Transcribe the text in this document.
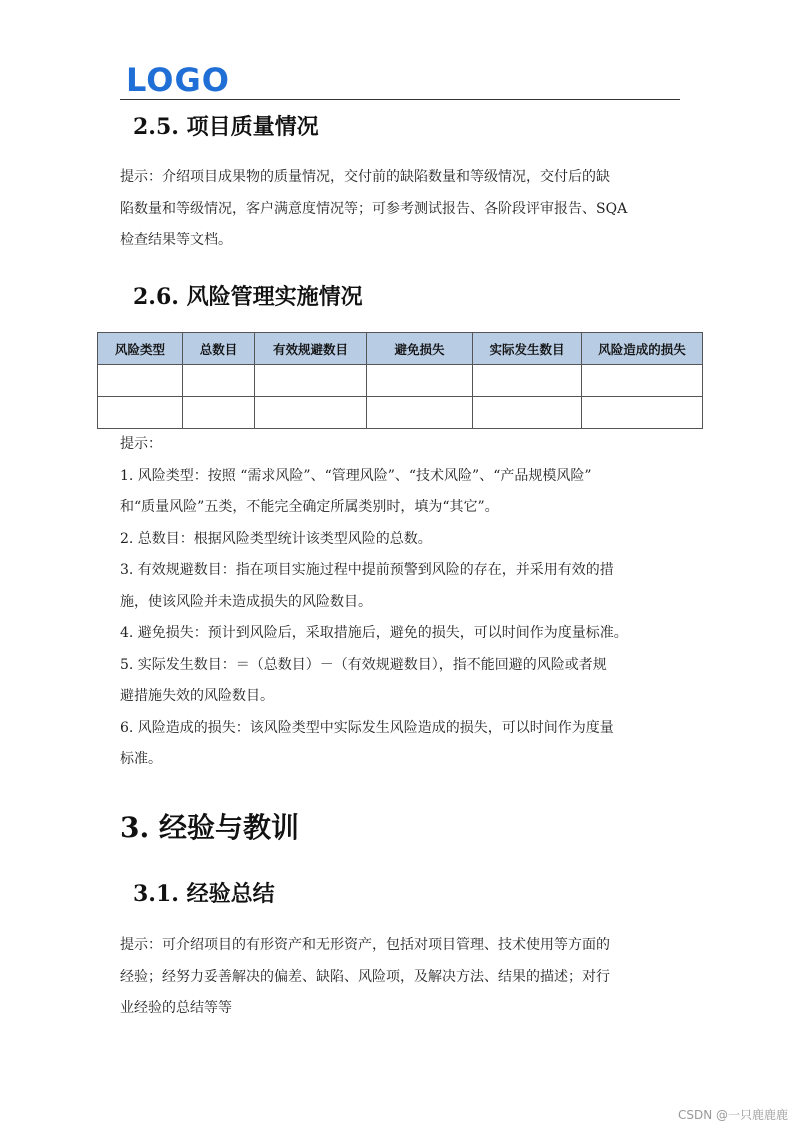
LOGO
2.5. 项目质量情况
提示：介绍项目成果物的质量情况，交付前的缺陷数量和等级情况，交付后的缺
陷数量和等级情况，客户满意度情况等；可参考测试报告、各阶段评审报告、SQA
检查结果等文档。
2.6. 风险管理实施情况
风险类型	总数目	有效规避数目	避免损失	实际发生数目	风险造成的损失

提示：
1. 风险类型：按照 “需求风险”、“管理风险”、“技术风险”、“产品规模风险”
和“质量风险”五类，不能完全确定所属类别时，填为“其它”。
2. 总数目：根据风险类型统计该类型风险的总数。
3. 有效规避数目：指在项目实施过程中提前预警到风险的存在，并采用有效的措
施，使该风险并未造成损失的风险数目。
4. 避免损失：预计到风险后，采取措施后，避免的损失，可以时间作为度量标准。
5. 实际发生数目：＝（总数目）－（有效规避数目），指不能回避的风险或者规
避措施失效的风险数目。
6. 风险造成的损失：该风险类型中实际发生风险造成的损失，可以时间作为度量
标准。
3. 经验与教训
3.1. 经验总结
提示：可介绍项目的有形资产和无形资产，包括对项目管理、技术使用等方面的
经验；经努力妥善解决的偏差、缺陷、风险项，及解决方法、结果的描述；对行
业经验的总结等等
CSDN @一只鹿鹿鹿
